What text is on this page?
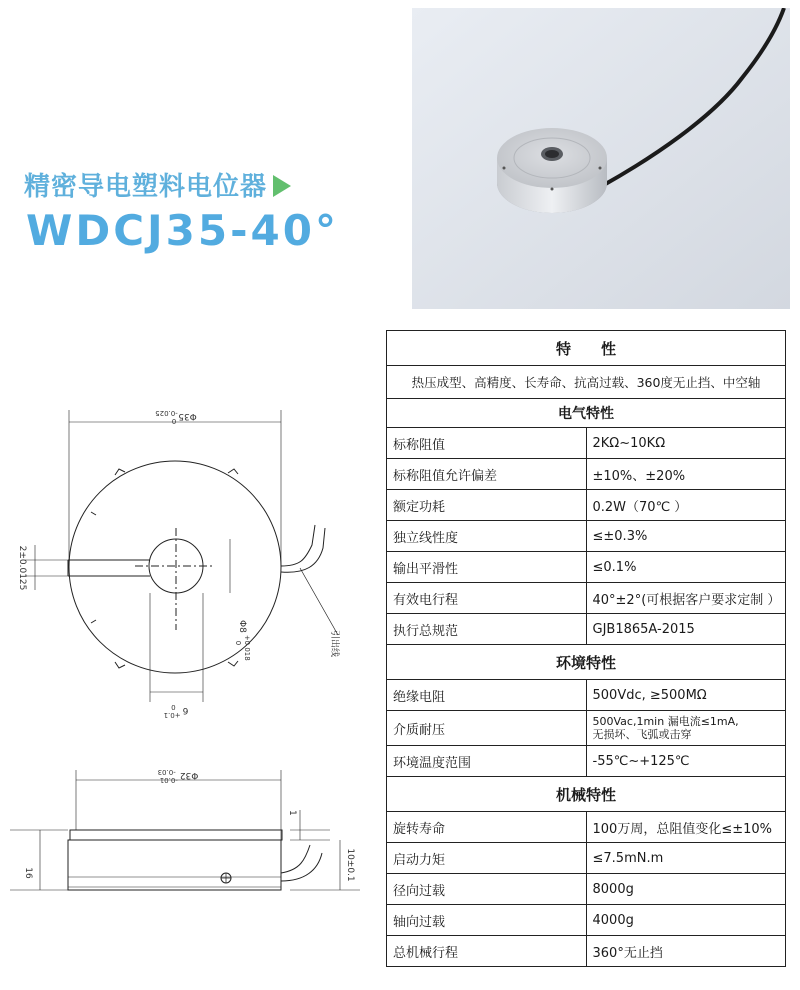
精密导电塑料电位器
WDCJ35-40°
$\Phi 35^0-0.025$
2±0.0125
$\Phi 8^{+0.018}0$
$6^{+0.1}0$
引出线
$\Phi 32^{-0.01}-0.03$
16	10±0.1
1
特　　性	
热压成型、高精度、长寿命、抗高过载、360度无止挡、中空轴	
电气特性	
标称阻值	2KΩ~10KΩ
标称阻值允许偏差	±10%、±20%
额定功耗	0.2W（70℃ ）
独立线性度	≤±0.3%
输出平滑性	≤0.1%
有效电行程	40°±2°(可根据客户要求定制 ）
执行总规范	GJB1865A-2015
环境特性	
绝缘电阻	500Vdc, ≥500MΩ
介质耐压	500Vac,1min 漏电流≤1mA,
无损坏、飞弧或击穿

环境温度范围	-55℃~+125℃
机械特性	
旋转寿命	100万周，总阻值变化≤±10%
启动力矩	≤7.5mN.m
径向过载	8000g
轴向过载	4000g
总机械行程	360°无止挡
